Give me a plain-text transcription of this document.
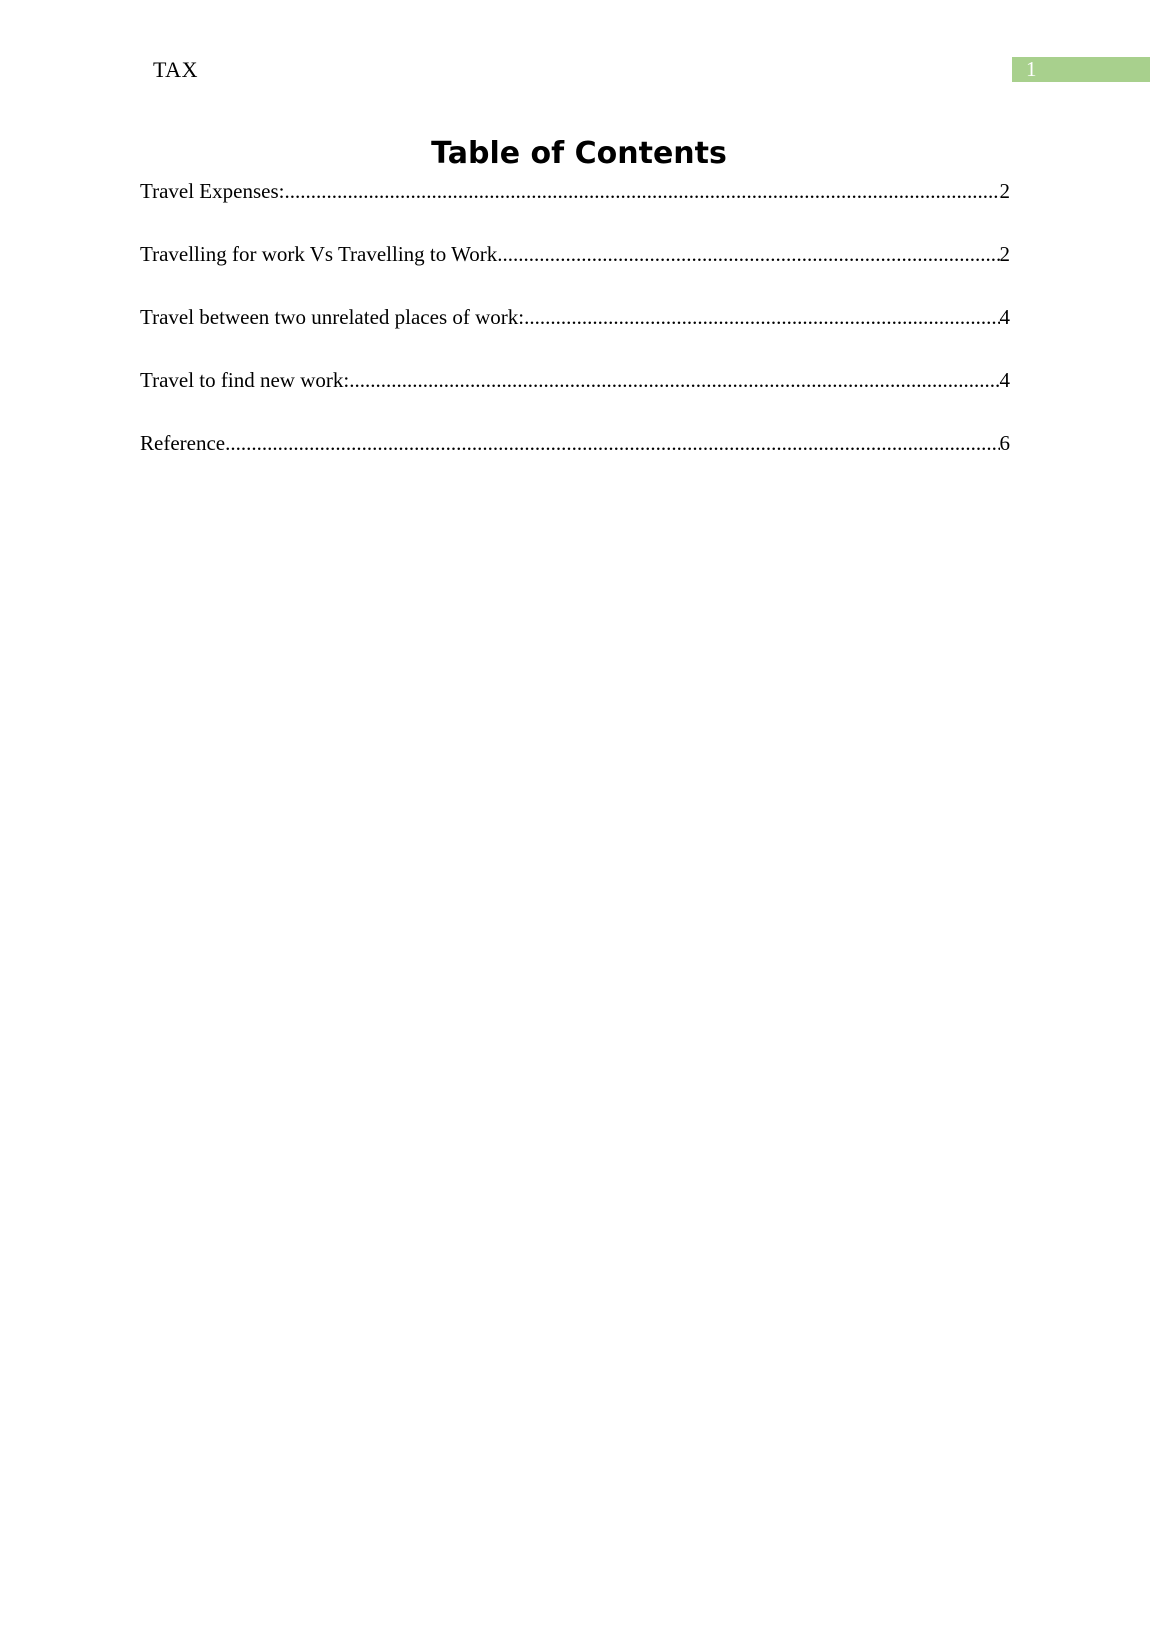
TAX	1
Table of Contents
Travel Expenses: .....	2
Travelling for work Vs Travelling to Work .....	2
Travel between two unrelated places of work: .....	4
Travel to find new work: .....	4
Reference .....	6
